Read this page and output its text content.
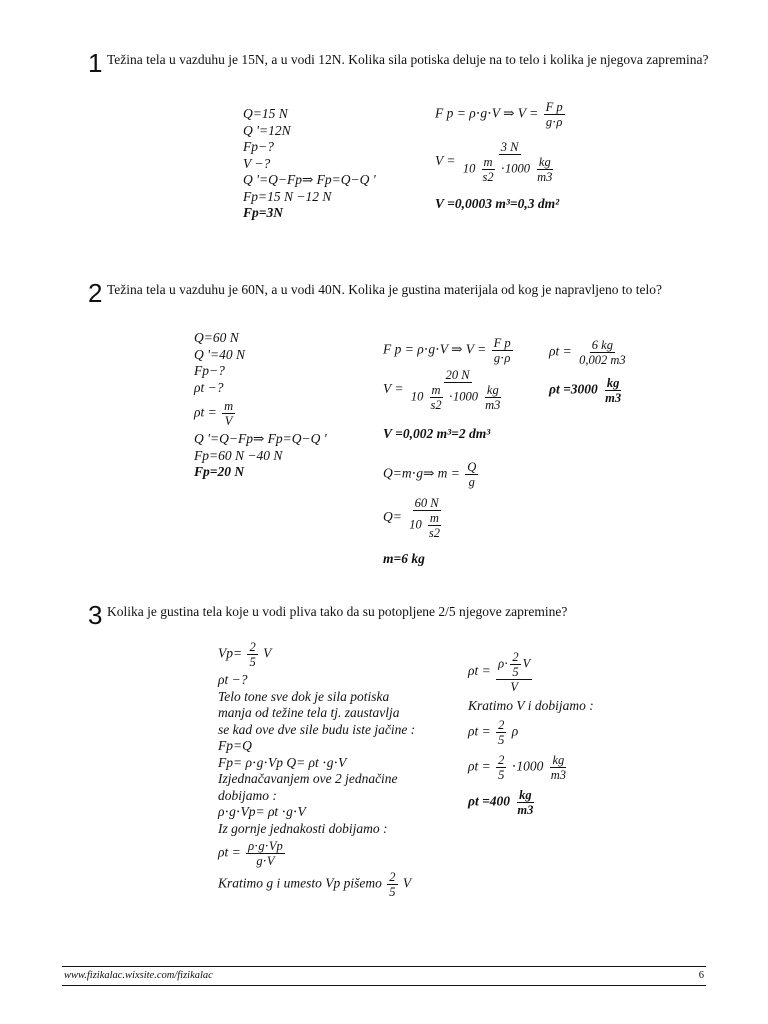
1 Težina tela u vazduhu je 15N, a u vodi 12N. Kolika sila potiska deluje na to telo i kolika je njegova zapremina?
Q=15 N
Q '=12N
Fp−?
V −?
Q '=Q−Fp⇒ Fp=Q−Q '
Fp=15 N −12 N
Fp=3N
F p = ρ⋅g⋅V ⇒ $V = \frac{\text{F p}}{g\cdot\rho}$
$V = \frac{3 N}{10 \frac{m}{s2} \cdot 1000 \frac{kg}{m3}}$
V =0,0003 m³=0,3 dm²
2 Težina tela u vazduhu je 60N, a u vodi 40N. Kolika je gustina materijala od kog je napravljeno to telo?
Q=60 N
Q '=40 N
Fp−?
ρt −?
$\rho t = \frac{m}{V}$
Q '=Q−Fp⇒ Fp=Q−Q '
Fp=60 N −40 N
Fp=20 N
F p = ρ⋅g⋅V ⇒ $V = \frac{\text{F p}}{g\cdot\rho}$
$V = \frac{20 N}{10 \frac{m}{s2} \cdot 1000 \frac{kg}{m3}}$
V =0,002 m³=2 dm³
Q=m⋅g⇒ $m = \frac{Q}{g}$
$Q= \frac{60 N}{10 \frac{m}{s2}}$
m=6 kg
$\rho t = \frac{6 kg}{0,002 m3}$
$\rho t =3000 \frac{kg}{m3}$
3 Kolika je gustina tela koje u vodi pliva tako da su potopljene 2/5 njegove zapremine?
$Vp= \frac{2}{5}$ V
ρt −?
Telo tone sve dok je sila potiska
manja od težine tela tj. zaustavlja
se kad ove dve sile budu iste jačine :
Fp=Q
Fp= ρ⋅g⋅Vp Q= ρt ⋅g⋅V
Izjednačavanjem ove 2 jednačine
dobijamo :
ρ⋅g⋅Vp= ρt ⋅g⋅V
Iz gornje jednakosti dobijamo :
$\rho t = \frac{\rho\cdot g\cdot Vp}{g\cdot V}$
Kratimo g i umesto Vp pišemo $\frac{2}{5}$ V
$\rho t = \frac{\rho\cdot \frac{2}{5} V}{V}$
Kratimo V i dobijamo :
$\rho t = \frac{2}{5}$ ρ
$\rho t = \frac{2}{5} \cdot 1000 \frac{kg}{m3}$
$\rho t =400 \frac{kg}{m3}$
www.fizikalac.wixsite.com/fizikalac	6
